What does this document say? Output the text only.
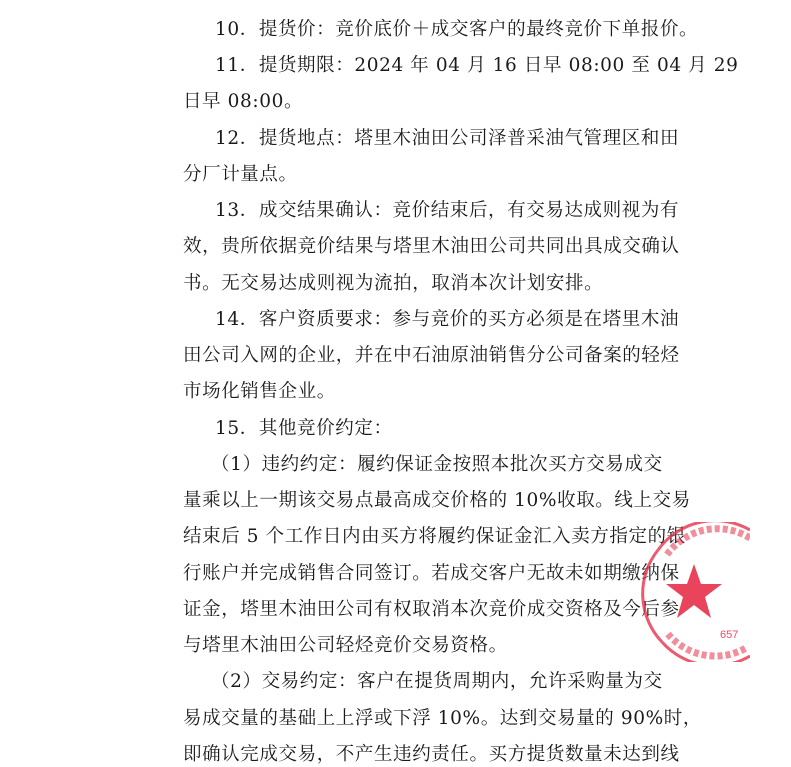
10．提货价：竞价底价＋成交客户的最终竞价下单报价。
11．提货期限：2024 年 04 月 16 日早 08:00 至 04 月 29
日早 08:00。
12．提货地点：塔里木油田公司泽普采油气管理区和田
分厂计量点。
13．成交结果确认：竞价结束后，有交易达成则视为有
效，贵所依据竞价结果与塔里木油田公司共同出具成交确认
书。无交易达成则视为流拍，取消本次计划安排。
14．客户资质要求：参与竞价的买方必须是在塔里木油
田公司入网的企业，并在中石油原油销售分公司备案的轻烃
市场化销售企业。
15．其他竞价约定：
（1）违约约定：履约保证金按照本批次买方交易成交
量乘以上一期该交易点最高成交价格的 10%收取。线上交易
结束后 5 个工作日内由买方将履约保证金汇入卖方指定的银
行账户并完成销售合同签订。若成交客户无故未如期缴纳保
证金，塔里木油田公司有权取消本次竞价成交资格及今后参
与塔里木油田公司轻烃竞价交易资格。
（2）交易约定：客户在提货周期内，允许采购量为交
易成交量的基础上上浮或下浮 10%。达到交易量的 90%时，
即确认完成交易，不产生违约责任。买方提货数量未达到线
657
